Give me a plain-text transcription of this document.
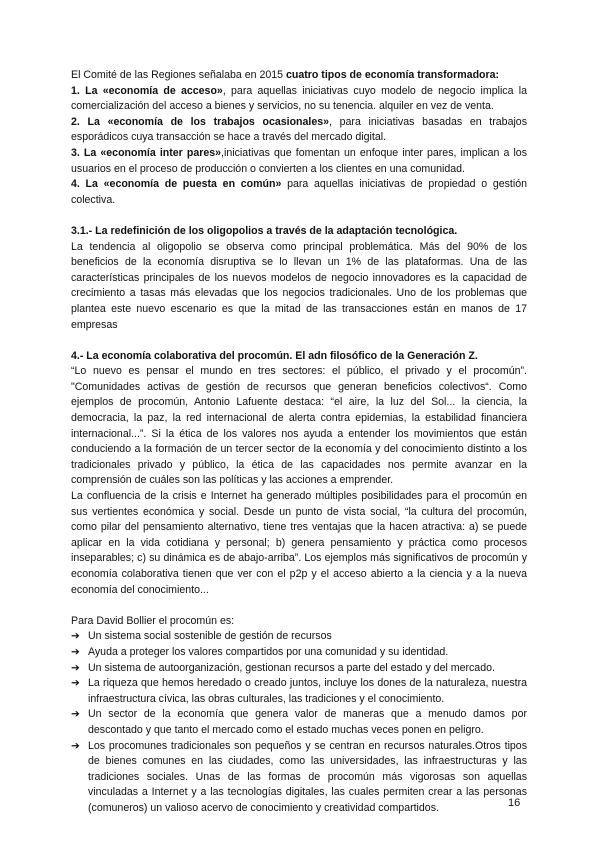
El Comité de las Regiones señalaba en 2015 cuatro tipos de economía transformadora:

1. La «economía de acceso», para aquellas iniciativas cuyo modelo de negocio implica la comercialización del acceso a bienes y servicios, no su tenencia. alquiler en vez de venta.

2. La «economía de los trabajos ocasionales», para iniciativas basadas en trabajos esporádicos cuya transacción se hace a través del mercado digital.

3. La «economía inter pares»,iniciativas que fomentan un enfoque inter pares, implican a los usuarios en el proceso de producción o convierten a los clientes en una comunidad.

4. La «economía de puesta en común» para aquellas iniciativas de propiedad o gestión colectiva.

3.1.- La redefinición de los oligopolios a través de la adaptación tecnológica.

La tendencia al oligopolio se observa como principal problemática. Más del 90% de los beneficios de la economía disruptiva se lo llevan un 1% de las plataformas. Una de las características principales de los nuevos modelos de negocio innovadores es la capacidad de crecimiento a tasas más elevadas que los negocios tradicionales. Uno de los problemas que plantea este nuevo escenario es que la mitad de las transacciones están en manos de 17 empresas

4.- La economía colaborativa del procomún. El adn filosófico de la Generación Z.

“Lo nuevo es pensar el mundo en tres sectores: el público, el privado y el procomún”. "Comunidades activas de gestión de recursos que generan beneficios colectivos“. Como ejemplos de procomún, Antonio Lafuente destaca: “el aire, la luz del Sol... la ciencia, la democracia, la paz, la red internacional de alerta contra epidemias, la estabilidad financiera internacional...”. Si la ética de los valores nos ayuda a entender los movimientos que están conduciendo a la formación de un tercer sector de la economía y del conocimiento distinto a los tradicionales privado y público, la ética de las capacidades nos permite avanzar en la comprensión de cuáles son las políticas y las acciones a emprender.

La confluencia de la crisis e Internet ha generado múltiples posibilidades para el procomún en sus vertientes económica y social. Desde un punto de vista social, “la cultura del procomún, como pilar del pensamiento alternativo, tiene tres ventajas que la hacen atractiva: a) se puede aplicar en la vida cotidiana y personal; b) genera pensamiento y práctica como procesos inseparables; c) su dinámica es de abajo-arriba”. Los ejemplos más significativos de procomún y economía colaborativa tienen que ver con el p2p y el acceso abierto a la ciencia y a la nueva economía del conocimiento...

Para David Bollier el procomún es:

➔ Un sistema social sostenible de gestión de recursos
➔ Ayuda a proteger los valores compartidos por una comunidad y su identidad.
➔ Un sistema de autoorganización, gestionan recursos a parte del estado y del mercado.
➔ La riqueza que hemos heredado o creado juntos, incluye los dones de la naturaleza, nuestra infraestructura cívica, las obras culturales, las tradiciones y el conocimiento.
➔ Un sector de la economía que genera valor de maneras que a menudo damos por descontado y que tanto el mercado como el estado muchas veces ponen en peligro.
➔ Los procomunes tradicionales son pequeños y se centran en recursos naturales.Otros tipos de bienes comunes en las ciudades, como las universidades, las infraestructuras y las tradiciones sociales. Unas de las formas de procomún más vigorosas son aquellas vinculadas a Internet y a las tecnologías digitales, las cuales permiten crear a las personas (comuneros) un valioso acervo de conocimiento y creatividad compartidos.	16
